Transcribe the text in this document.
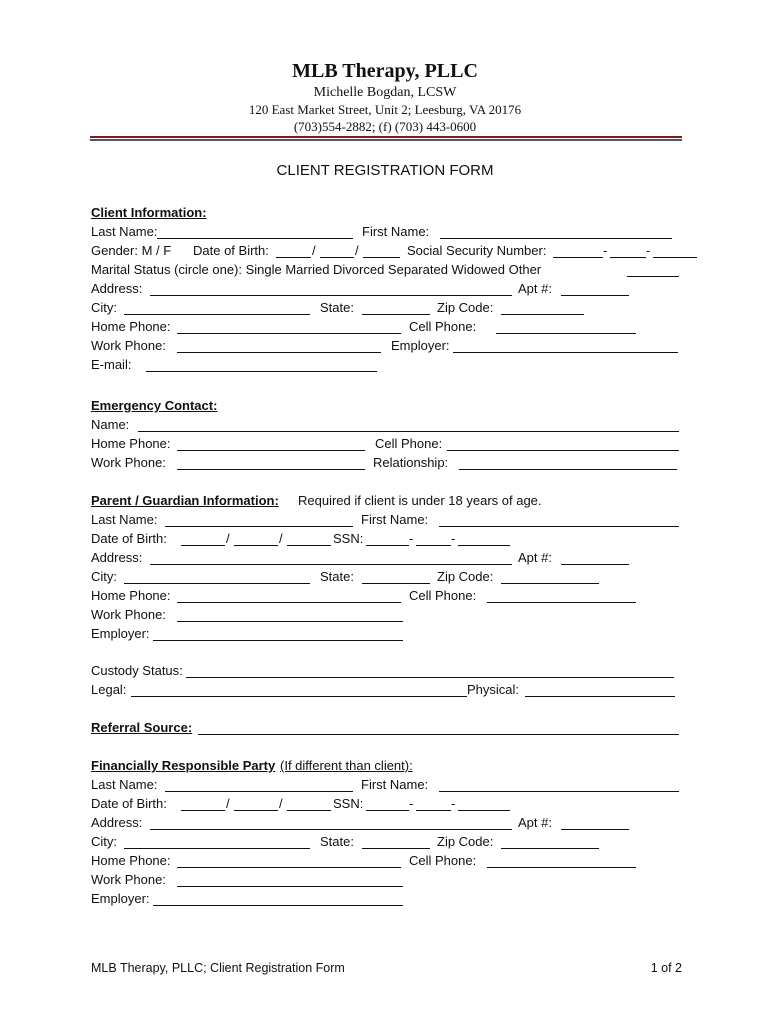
MLB Therapy, PLLC
Michelle Bogdan, LCSW
120 East Market Street, Unit 2; Leesburg, VA 20176
(703)554-2882; (f) (703) 443-0600
CLIENT REGISTRATION FORM
Client Information:
Last Name:	First Name:
Gender: M / F Date of Birth:	/	/	Social Security Number:	-	-
Marital Status (circle one): Single Married Divorced Separated Widowed Other
Address:	Apt #:
City:	State:	Zip Code:
Home Phone:	Cell Phone:
Work Phone:	Employer:
E-mail:
Emergency Contact:
Name:
Home Phone:	Cell Phone:
Work Phone:	Relationship:
Parent / Guardian Information: Required if client is under 18 years of age.
Last Name:	First Name:
Date of Birth:	/	/	SSN:	-	-
Address:	Apt #:
City:	State:	Zip Code:
Home Phone:	Cell Phone:
Work Phone:
Employer:
Custody Status:
Legal:	Physical:
Referral Source:
Financially Responsible Party (If different than client):
Last Name:	First Name:
Date of Birth:	/	/	SSN:	-	-
Address:	Apt #:
City:	State:	Zip Code:
Home Phone:	Cell Phone:
Work Phone:
Employer:
MLB Therapy, PLLC; Client Registration Form	1 of 2
